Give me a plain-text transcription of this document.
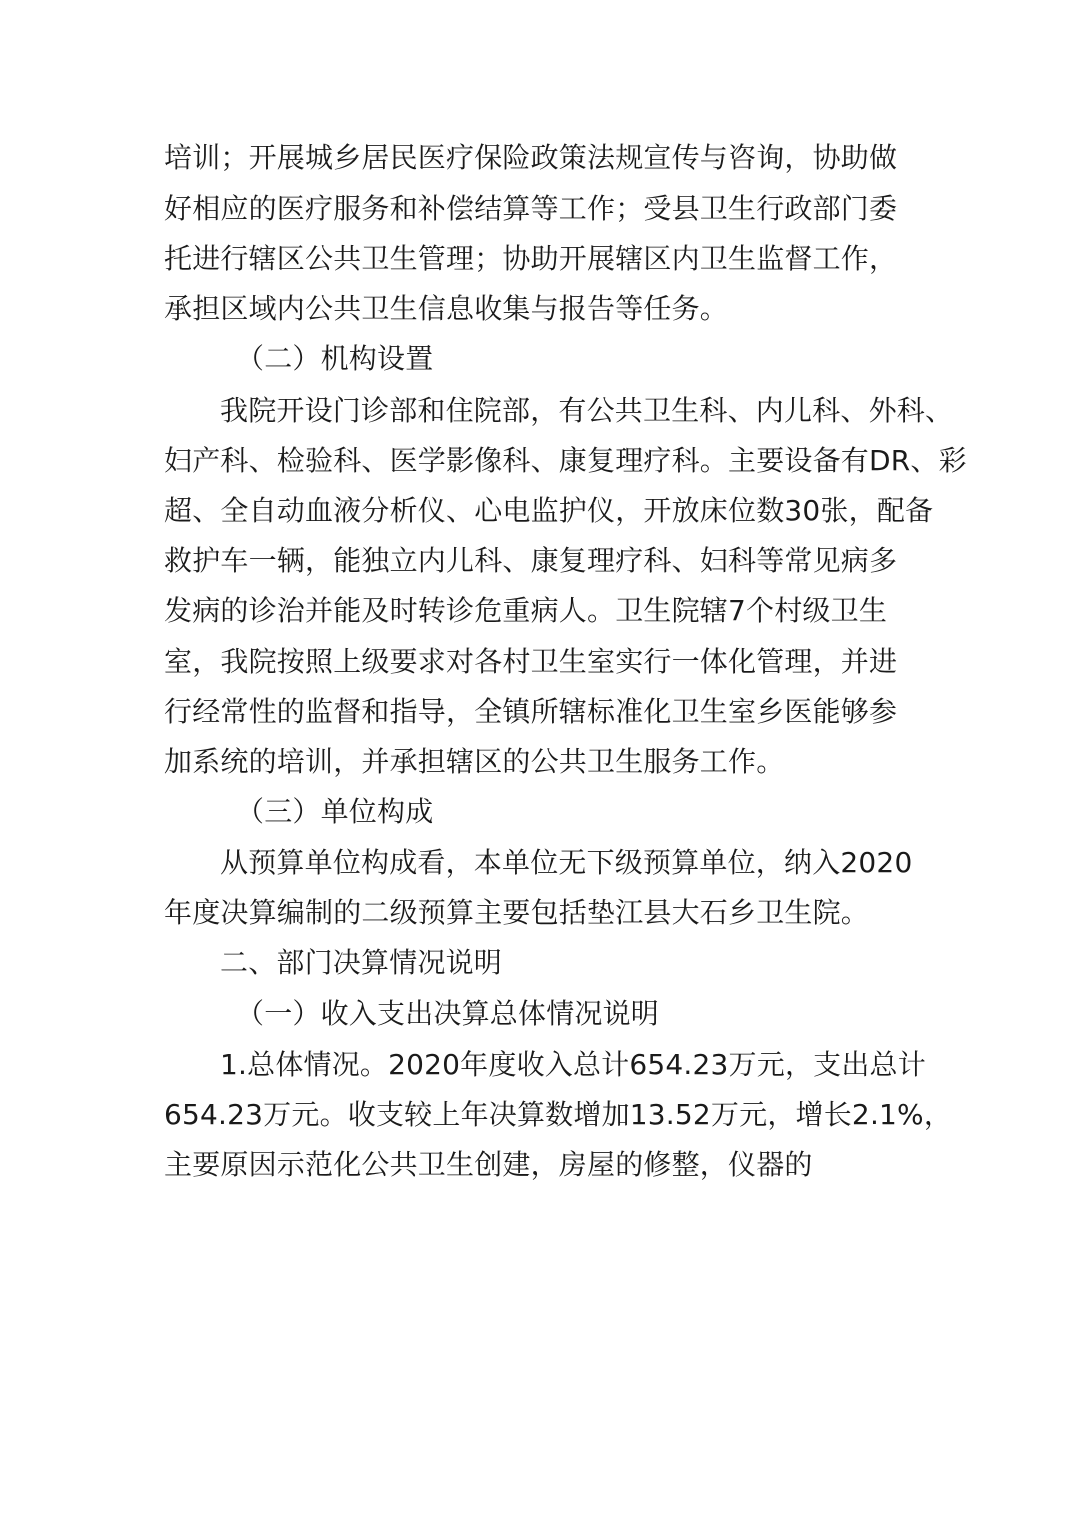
培训；开展城乡居民医疗保险政策法规宣传与咨询，协助做
好相应的医疗服务和补偿结算等工作；受县卫生行政部门委
托进行辖区公共卫生管理；协助开展辖区内卫生监督工作，
承担区域内公共卫生信息收集与报告等任务。
（二）机构设置
我院开设门诊部和住院部，有公共卫生科、内儿科、外科、
妇产科、检验科、医学影像科、康复理疗科。主要设备有DR、彩
超、全自动血液分析仪、心电监护仪，开放床位数30张，配备
救护车一辆，能独立内儿科、康复理疗科、妇科等常见病多
发病的诊治并能及时转诊危重病人。卫生院辖7个村级卫生
室，我院按照上级要求对各村卫生室实行一体化管理，并进
行经常性的监督和指导，全镇所辖标准化卫生室乡医能够参
加系统的培训，并承担辖区的公共卫生服务工作。
（三）单位构成
从预算单位构成看，本单位无下级预算单位，纳入2020
年度决算编制的二级预算主要包括垫江县大石乡卫生院。
二、部门决算情况说明
（一）收入支出决算总体情况说明
1.总体情况。2020年度收入总计654.23万元，支出总计
654.23万元。收支较上年决算数增加13.52万元，增长2.1%，
主要原因示范化公共卫生创建，房屋的修整，仪器的
